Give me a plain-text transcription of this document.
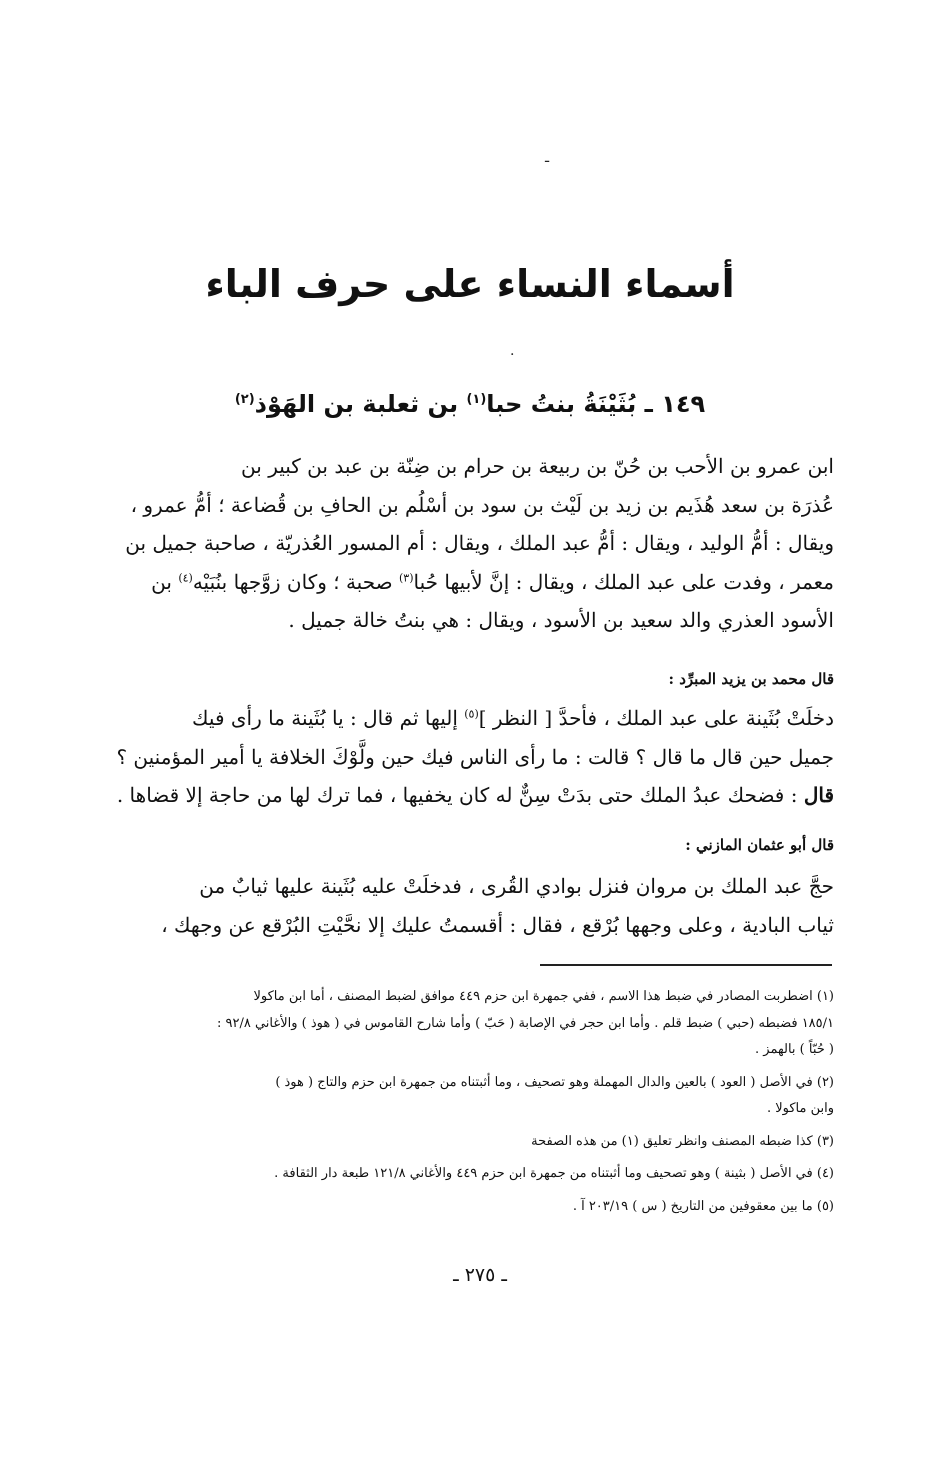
ـ
أسماء النساء على حرف الباء
.
١٤٩ ـ بُثَيْنَةُ بنتُ حبا$^{(١)}$ بن ثعلبة بن الهَوْذ$^{(٢)}$
ابن عمرو بن الأحب بن حُنّ بن ربيعة بن حرام بن ضِنّة بن عبد بن كبير بن
عُذرَة بن سعد هُذَيم بن زيد بن لَيْث بن سود بن أسْلُم بن الحافِ بن قُضاعة ؛ أمُّ عمرو ،
ويقال : أمُّ الوليد ، ويقال : أمُّ عبد الملك ، ويقال : أم المسور العُذريّة ، صاحبة جميل بن
معمر ، وفدت على عبد الملك ، ويقال : إنَّ لأبيها حُبا$^{(٣)}$ صحبة ؛ وكان زوَّجها بنُبَيْه$^{(٤)}$ بن
الأسود العذري والد سعيد بن الأسود ، ويقال : هي بنتُ خالة جميل .
قال محمد بن يزيد المبرِّد :
دخلَتْ بُثَينة على عبد الملك ، فأحدَّ [ النظر ]$^{(٥)}$ إليها ثم قال : يا بُثَينة ما رأى فيك
جميل حين قال ما قال ؟ قالت : ما رأى الناس فيك حين ولَّوْكَ الخلافة يا أمير المؤمنين ؟
قال : فضحك عبدُ الملك حتى بدَتْ سِنٌّ له كان يخفيها ، فما ترك لها من حاجة إلا قضاها .
قال أبو عثمان المازني :
حجَّ عبد الملك بن مروان فنزل بوادي القُرى ، فدخلَتْ عليه بُثَينة عليها ثيابٌ من
ثياب البادية ، وعلى وجهها بُرْقع ، فقال : أقسمتُ عليك إلا نحَّيْتِ البُرْقع عن وجهك ،
(١) اضطربت المصادر في ضبط هذا الاسم ، ففي جمهرة ابن حزم ٤٤٩ موافق لضبط المصنف ، أما ابن ماكولا
١٨٥/١ فضبطه (حبي ) ضبط قلم . وأما ابن حجر في الإصابة ( حَبّ ) وأما شارح القاموس في ( هوذ ) والأغاني ٩٢/٨ :
( حُبّاً ) بالهمز .
(٢) في الأصل ( العود ) بالعين والدال المهملة وهو تصحيف ، وما أثبتناه من جمهرة ابن حزم والتاج ( هوذ )
وابن ماكولا .
(٣) كذا ضبطه المصنف وانظر تعليق (١) من هذه الصفحة
(٤) في الأصل ( بثينة ) وهو تصحيف وما أثبتناه من جمهرة ابن حزم ٤٤٩ والأغاني ١٢١/٨ طبعة دار الثقافة .
(٥) ما بين معقوفين من التاريخ ( س ) ٢٠٣/١٩ آ .
ـ ٢٧٥ ـ
